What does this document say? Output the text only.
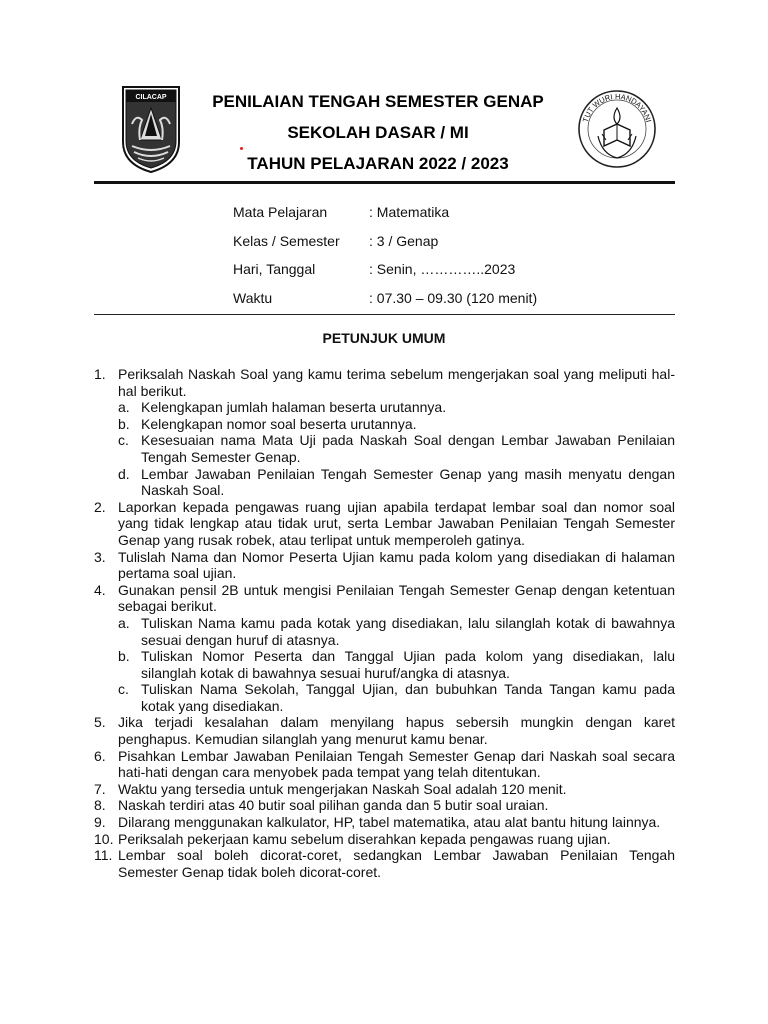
CILACAP	PENILAIAN TENGAH SEMESTER GENAP
SEKOLAH DASAR / MI
TAHUN PELAJARAN 2022 / 2023
TUT WURI HANDAYANI
Mata Pelajaran	: Matematika
Kelas / Semester	: 3 / Genap
Hari, Tanggal	: Senin, …………..2023
Waktu	: 07.30 – 09.30 (120 menit)
PETUNJUK UMUM
1. Periksalah Naskah Soal yang kamu terima sebelum mengerjakan soal yang meliputi hal-hal berikut.
a. Kelengkapan jumlah halaman beserta urutannya.
b. Kelengkapan nomor soal beserta urutannya.
c. Kesesuaian nama Mata Uji pada Naskah Soal dengan Lembar Jawaban Penilaian Tengah Semester Genap.
d. Lembar Jawaban Penilaian Tengah Semester Genap yang masih menyatu dengan Naskah Soal.
2. Laporkan kepada pengawas ruang ujian apabila terdapat lembar soal dan nomor soal yang tidak lengkap atau tidak urut, serta Lembar Jawaban Penilaian Tengah Semester Genap yang rusak robek, atau terlipat untuk memperoleh gatinya.
3. Tulislah Nama dan Nomor Peserta Ujian kamu pada kolom yang disediakan di halaman pertama soal ujian.
4. Gunakan pensil 2B untuk mengisi Penilaian Tengah Semester Genap dengan ketentuan sebagai berikut.
a. Tuliskan Nama kamu pada kotak yang disediakan, lalu silanglah kotak di bawahnya sesuai dengan huruf di atasnya.
b. Tuliskan Nomor Peserta dan Tanggal Ujian pada kolom yang disediakan, lalu silanglah kotak di bawahnya sesuai huruf/angka di atasnya.
c. Tuliskan Nama Sekolah, Tanggal Ujian, dan bubuhkan Tanda Tangan kamu pada kotak yang disediakan.
5. Jika terjadi kesalahan dalam menyilang hapus sebersih mungkin dengan karet penghapus. Kemudian silanglah yang menurut kamu benar.
6. Pisahkan Lembar Jawaban Penilaian Tengah Semester Genap dari Naskah soal secara hati-hati dengan cara menyobek pada tempat yang telah ditentukan.
7. Waktu yang tersedia untuk mengerjakan Naskah Soal adalah 120 menit.
8. Naskah terdiri atas 40 butir soal pilihan ganda dan 5 butir soal uraian.
9. Dilarang menggunakan kalkulator, HP, tabel matematika, atau alat bantu hitung lainnya.
10. Periksalah pekerjaan kamu sebelum diserahkan kepada pengawas ruang ujian.
11. Lembar soal boleh dicorat-coret, sedangkan Lembar Jawaban Penilaian Tengah Semester Genap tidak boleh dicorat-coret.
